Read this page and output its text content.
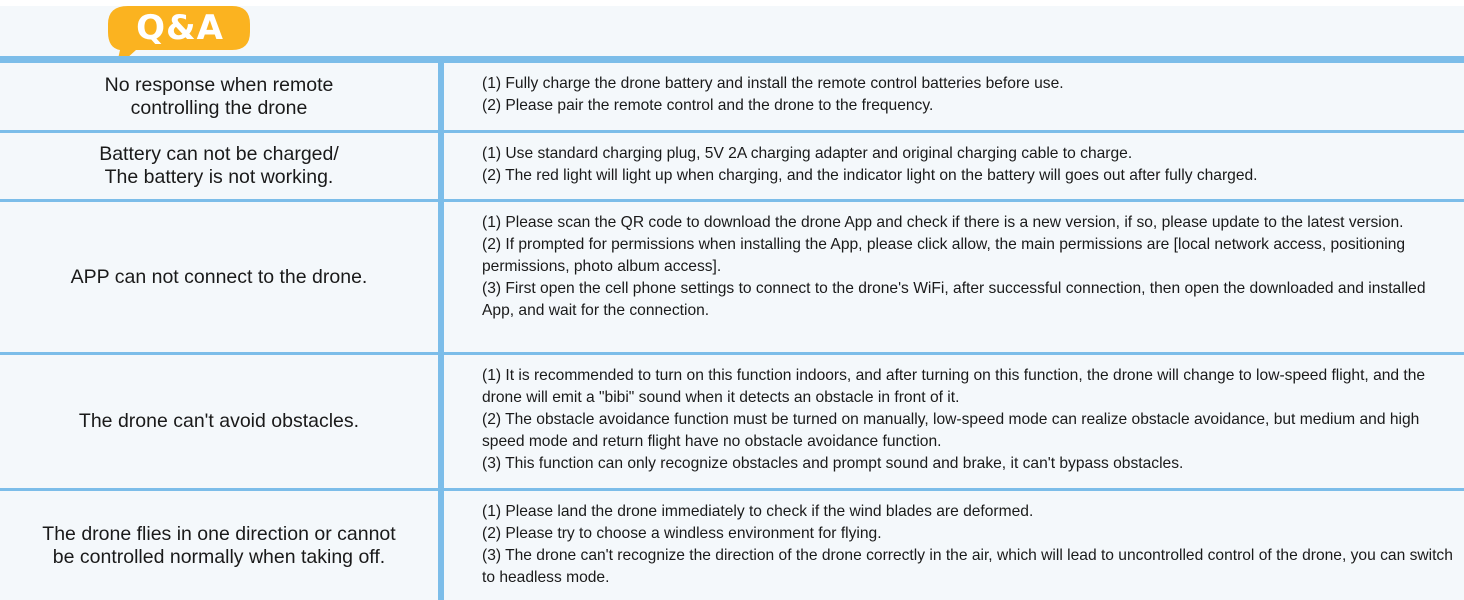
Q&A
No response when remote
controlling the drone

(1) Fully charge the drone battery and install the remote control batteries before use.

(2) Please pair the remote control and the drone to the frequency.

Battery can not be charged/
The battery is not working.

(1) Use standard charging plug, 5V 2A charging adapter and original charging cable to charge.

(2) The red light will light up when charging, and the indicator light on the battery will goes out after fully charged.

APP can not connect to the drone.

(1) Please scan the QR code to download the drone App and check if there is a new version, if so, please update to the latest version.

(2) If prompted for permissions when installing the App, please click allow, the main permissions are [local network access, positioning permissions, photo album access].

(3) First open the cell phone settings to connect to the drone's WiFi, after successful connection, then open the downloaded and installed App, and wait for the connection.

The drone can't avoid obstacles.

(1) It is recommended to turn on this function indoors, and after turning on this function, the drone will change to low-speed flight, and the drone will emit a "bibi" sound when it detects an obstacle in front of it.

(2) The obstacle avoidance function must be turned on manually, low-speed mode can realize obstacle avoidance, but medium and high speed mode and return flight have no obstacle avoidance function.

(3) This function can only recognize obstacles and prompt sound and brake, it can't bypass obstacles.

The drone flies in one direction or cannot
be controlled normally when taking off.

(1) Please land the drone immediately to check if the wind blades are deformed.

(2) Please try to choose a windless environment for flying.

(3) The drone can't recognize the direction of the drone correctly in the air, which will lead to uncontrolled control of the drone, you can switch to headless mode.
